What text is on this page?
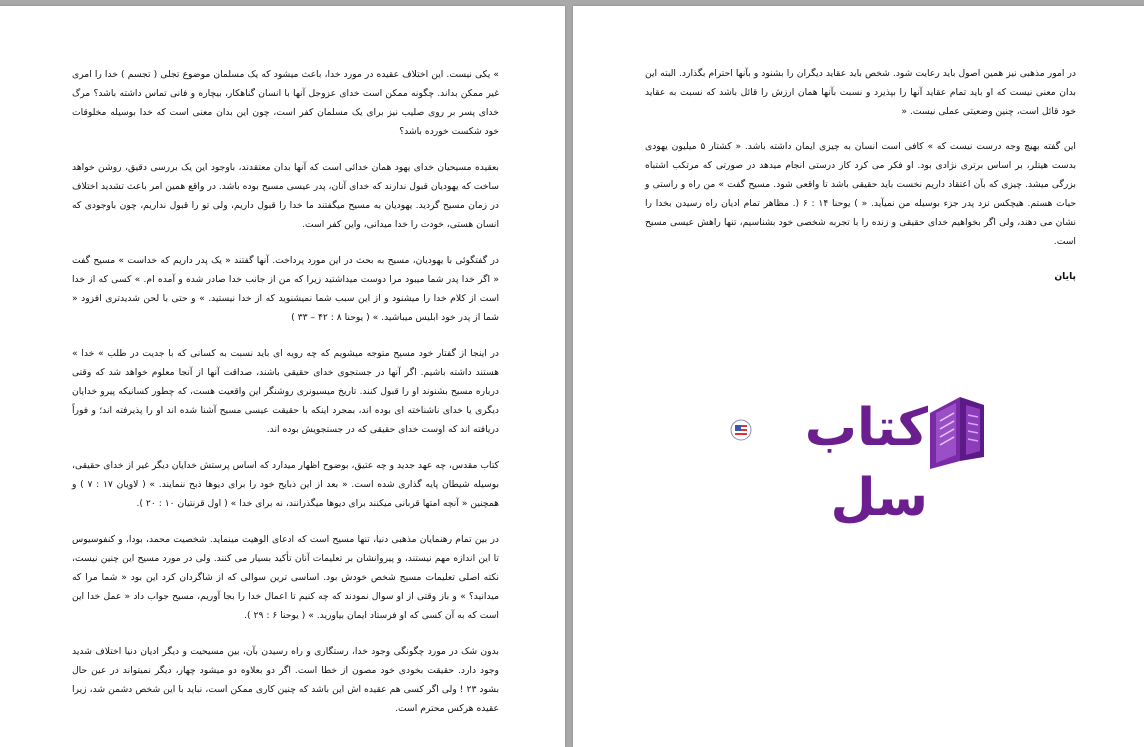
» یکی نیست. این اختلاف عقیده در مورد خدا، باعث میشود که یک مسلمان موضوع تجلی ( تجسم ) خدا را امری غیر ممکن بداند. چگونه ممکن است خدای عزوجل آنها با انسان گناهکار، بیچاره و فانی تماس داشته باشد؟ مرگ خدای پسر بر روی صلیب نیز برای یک مسلمان کفر است، چون این بدان معنی است که خدا بوسیله مخلوقات خود شکست خورده باشد؟

بعقیده مسیحیان خدای یهود همان خدائی است که آنها بدان معتقدند، باوجود این یک بررسی دقیق، روشن خواهد ساخت که یهودیان قبول ندارند که خدای آنان، پدر عیسی مسیح بوده باشد. در واقع همین امر باعث تشدید اختلاف در زمان مسیح گردید. یهودیان به مسیح میگفتند ما خدا را قبول داریم، ولی تو را قبول نداریم، چون باوجودی که انسان هستی، خودت را خدا میدانی، واین کفر است.

در گفتگوئی با یهودیان، مسیح به بحث در این مورد پرداخت. آنها گفتند « یک پدر داریم که خداست » مسیح گفت « اگر خدا پدر شما میبود مرا دوست میداشتید زیرا که من از جانب خدا صادر شده و آمده ام. » کسی که از خدا است از کلام خدا را میشنود و از این سبب شما نمیشنوید که از خدا نیستید. » و حتی با لحن شدیدتری افزود « شما از پدر خود ابلیس میباشید. » ( یوحنا ۸ : ۴۲ – ۳۳ )

در اینجا از گفتار خود مسیح متوجه میشویم که چه رویه ای باید نسبت به کسانی که با جدیت در طلب » خدا » هستند داشته باشیم. اگر آنها در جستجوی خدای حقیقی باشند، صداقت آنها از آنجا معلوم خواهد شد که وقتی درباره مسیح بشنوند او را قبول کنند. تاریخ میسیونری روشنگر این واقعیت هست، که چطور کسانیکه پیرو خدایان دیگری یا خدای ناشناخته ای بوده اند، بمجرد اینکه با حقیقت عیسی مسیح آشنا شده اند او را پذیرفته اند؛ و فوراً دریافته اند که اوست خدای حقیقی که در جستجویش بوده اند.

کتاب مقدس، چه عهد جدید و چه عتیق، بوضوح اظهار میدارد که اساس پرستش خدایان دیگر غیر از خدای حقیقی، بوسیله شیطان پایه گذاری شده است. « بعد از این ذبایح خود را برای دیوها ذبح ننمایند. » ( لاویان ۱۷ : ۷ ) و همچنین « آنچه امتها قربانی میکنند برای دیوها میگذرانند، نه برای خدا » ( اول قرنتیان ۱۰ : ۲۰ ).

در بین تمام رهنمایان مذهبی دنیا، تنها مسیح است که ادعای الوهیت مینماید. شخصیت محمد، بودا، و کنفوسیوس تا این اندازه مهم نیستند، و پیروانشان بر تعلیمات آنان تأکید بسیار می کنند. ولی در مورد مسیح این چنین نیست، نکته اصلی تعلیمات مسیح شخص خودش بود. اساسی ترین سوالی که از شاگردان کرد این بود « شما مرا که میدانید؟ » و باز وقتی از او سوال نمودند که چه کنیم تا اعمال خدا را بجا آوریم، مسیح جواب داد « عمل خدا این است که به آن کسی که او فرستاد ایمان بیاورید. » ( یوحنا ۶ : ۲۹ ).

بدون شک در مورد چگونگی وجود خدا، رستگاری و راه رسیدن بآن، بین مسیحیت و دیگر ادیان دنیا اختلاف شدید وجود دارد. حقیقت بخودی خود مصون از خطا است. اگر دو بعلاوه دو میشود چهار، دیگر نمیتواند در عین حال بشود ۲۳ ! ولی اگر کسی هم عقیده اش این باشد که چنین کاری ممکن است، نباید با این شخص دشمن شد، زیرا عقیده هرکس محترم است.

در امور مذهبی نیز همین اصول باید رعایت شود. شخص باید عقاید دیگران را بشنود و بآنها احترام بگذارد. البته این بدان معنی نیست که او باید تمام عقاید آنها را بپذیرد و نسبت بآنها همان ارزش را قائل باشد که نسبت به عقاید خود قائل است، چنین وضعیتی عملی نیست. «

این گفته بهیچ وجه درست نیست که » کافی است انسان به چیزی ایمان داشته باشد. « کشتار ۵ میلیون یهودی بدست هیتلر، بر اساس برتری نژادی بود. او فکر می کرد کار درستی انجام میدهد در صورتی که مرتکب اشتباه بزرگی میشد. چیزی که بآن اعتقاد داریم نخست باید حقیقی باشد تا واقعی شود. مسیح گفت » من راه و راستی و حیات هستم. هیچکس نزد پدر جزء بوسیله من نمیآید. « ) یوحنا ۱۴ : ۶ (. مظاهر تمام ادیان راه رسیدن بخدا را نشان می دهند، ولی اگر بخواهیم خدای حقیقی و زنده را با تجربه شخصی خود بشناسیم، تنها راهش عیسی مسیح است.

پایان

کتاب سل
